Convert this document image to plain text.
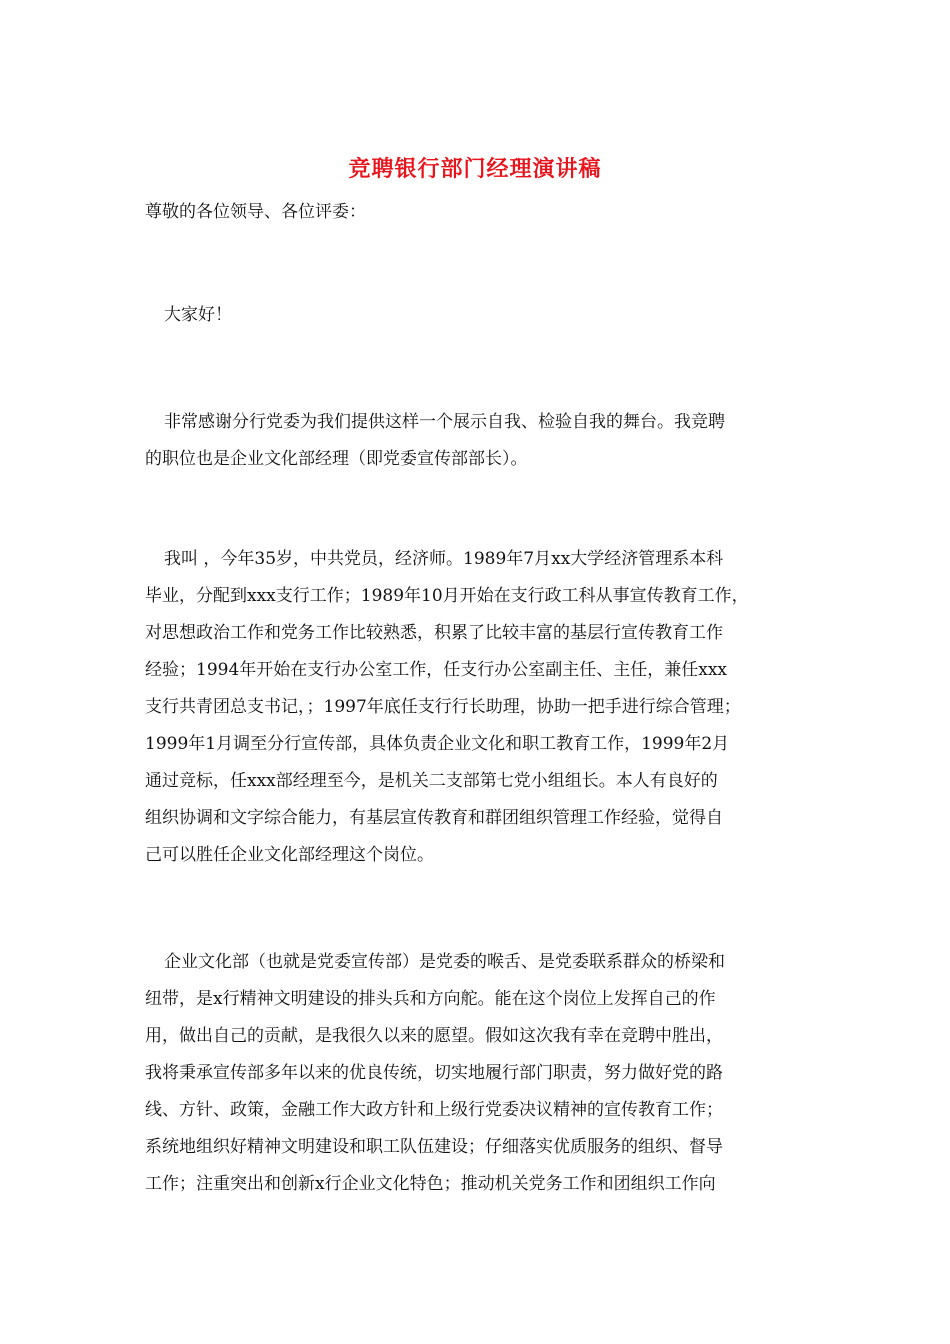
竞聘银行部门经理演讲稿
尊敬的各位领导、各位评委：
大家好！
非常感谢分行党委为我们提供这样一个展示自我、检验自我的舞台。我竞聘
的职位也是企业文化部经理（即党委宣传部部长）。
我叫 ，今年35岁，中共党员，经济师。1989年7月xx大学经济管理系本科
毕业，分配到xxx支行工作；1989年10月开始在支行政工科从事宣传教育工作，
对思想政治工作和党务工作比较熟悉，积累了比较丰富的基层行宣传教育工作
经验；1994年开始在支行办公室工作，任支行办公室副主任、主任，兼任xxx
支行共青团总支书记，；1997年底任支行行长助理，协助一把手进行综合管理；
1999年1月调至分行宣传部，具体负责企业文化和职工教育工作，1999年2月
通过竞标，任xxx部经理至今，是机关二支部第七党小组组长。本人有良好的
组织协调和文字综合能力，有基层宣传教育和群团组织管理工作经验，觉得自
己可以胜任企业文化部经理这个岗位。
企业文化部（也就是党委宣传部）是党委的喉舌、是党委联系群众的桥梁和
纽带，是x行精神文明建设的排头兵和方向舵。能在这个岗位上发挥自己的作
用，做出自己的贡献，是我很久以来的愿望。假如这次我有幸在竞聘中胜出，
我将秉承宣传部多年以来的优良传统，切实地履行部门职责，努力做好党的路
线、方针、政策，金融工作大政方针和上级行党委决议精神的宣传教育工作；
系统地组织好精神文明建设和职工队伍建设；仔细落实优质服务的组织、督导
工作；注重突出和创新x行企业文化特色；推动机关党务工作和团组织工作向
